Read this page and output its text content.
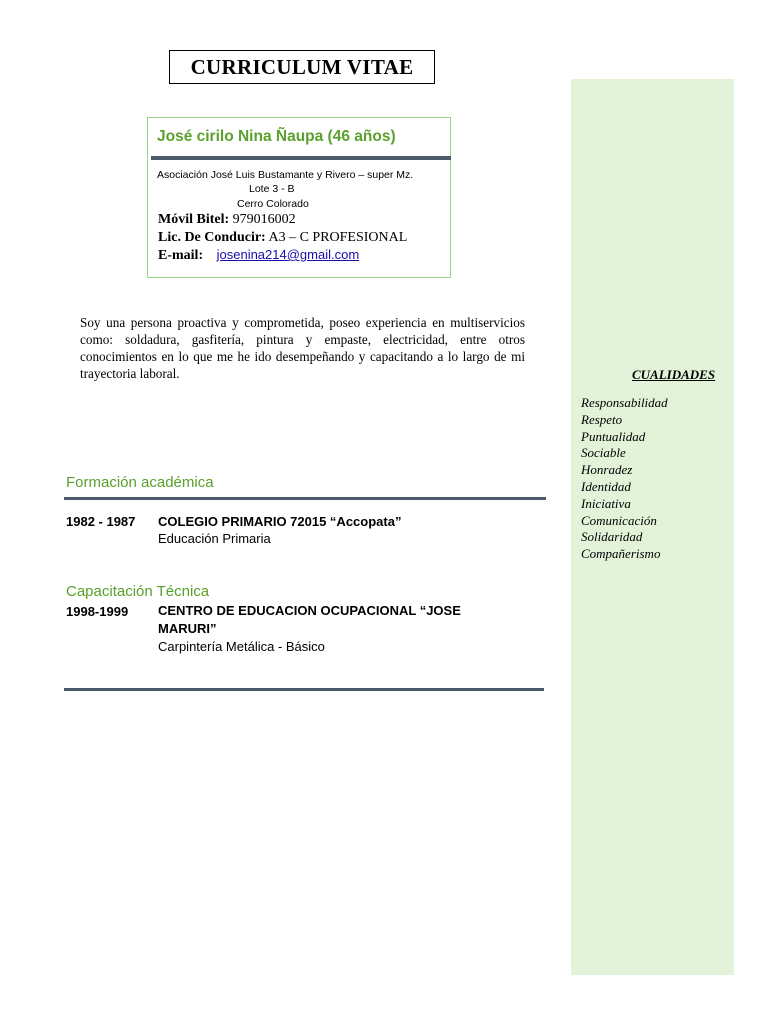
CURRICULUM VITAE
José cirilo Nina Ñaupa (46 años)
Asociación José Luis Bustamante y Rivero – super Mz.
Lote 3 - B
Cerro Colorado
Móvil Bitel: 979016002
Lic. De Conducir: A3 – C PROFESIONAL
E-mail: josenina214@gmail.com
Soy una persona proactiva y comprometida, poseo experiencia en multiservicios como: soldadura, gasfitería, pintura y empaste, electricidad, entre otros conocimientos en lo que me he ido desempeñando y capacitando a lo largo de mi trayectoria laboral.
Formación académica
1982 - 1987 COLEGIO PRIMARIO 72015 “Accopata”
Educación Primaria
Capacitación Técnica
1998-1999 CENTRO DE EDUCACION OCUPACIONAL “JOSE MARURI”
Carpintería Metálica - Básico
CUALIDADES
Responsabilidad
Respeto
Puntualidad
Sociable
Honradez
Identidad
Iniciativa
Comunicación
Solidaridad
Compañerismo
